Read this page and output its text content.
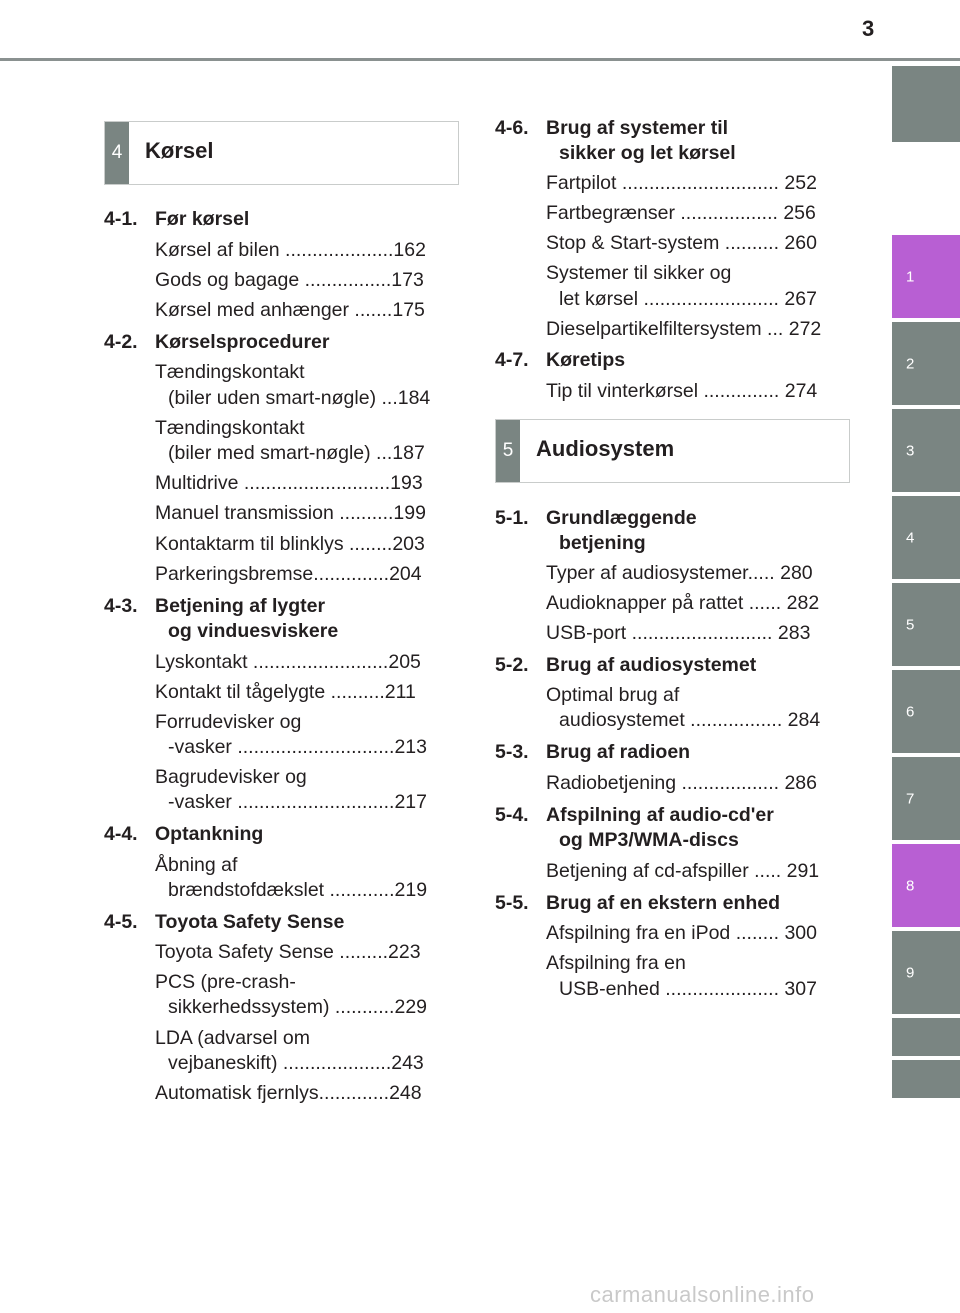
3
1
2
3
4
5
6
7
8
9
4	Kørsel
4-1. Før kørsel
Kørsel af bilen ....................162
Gods og bagage ................173
Kørsel med anhænger .......175
4-2. Kørselsprocedurer
Tændingskontakt
(biler uden smart-nøgle) ...184
Tændingskontakt
(biler med smart-nøgle) ...187
Multidrive ...........................193
Manuel transmission ..........199
Kontaktarm til blinklys ........203
Parkeringsbremse..............204
4-3. Betjening af lygter
og vinduesviskere
Lyskontakt .........................205
Kontakt til tågelygte ..........211
Forrudevisker og
-vasker .............................213
Bagrudevisker og
-vasker .............................217
4-4. Optankning
Åbning af
brændstofdækslet ............219
4-5. Toyota Safety Sense
Toyota Safety Sense .........223
PCS (pre-crash-
sikkerhedssystem) ...........229
LDA (advarsel om
vejbaneskift) ....................243
Automatisk fjernlys.............248
4-6. Brug af systemer til
sikker og let kørsel
Fartpilot ............................. 252
Fartbegrænser .................. 256
Stop & Start-system .......... 260
Systemer til sikker og
let kørsel ......................... 267
Dieselpartikelfiltersystem ... 272
4-7. Køretips
Tip til vinterkørsel .............. 274
5	Audiosystem
5-1. Grundlæggende
betjening
Typer af audiosystemer..... 280
Audioknapper på rattet ...... 282
USB-port .......................... 283
5-2. Brug af audiosystemet
Optimal brug af
audiosystemet ................. 284
5-3. Brug af radioen
Radiobetjening .................. 286
5-4. Afspilning af audio-cd'er
og MP3/WMA-discs
Betjening af cd-afspiller ..... 291
5-5. Brug af en ekstern enhed
Afspilning fra en iPod ........ 300
Afspilning fra en
USB-enhed ..................... 307
carmanualsonline.info
